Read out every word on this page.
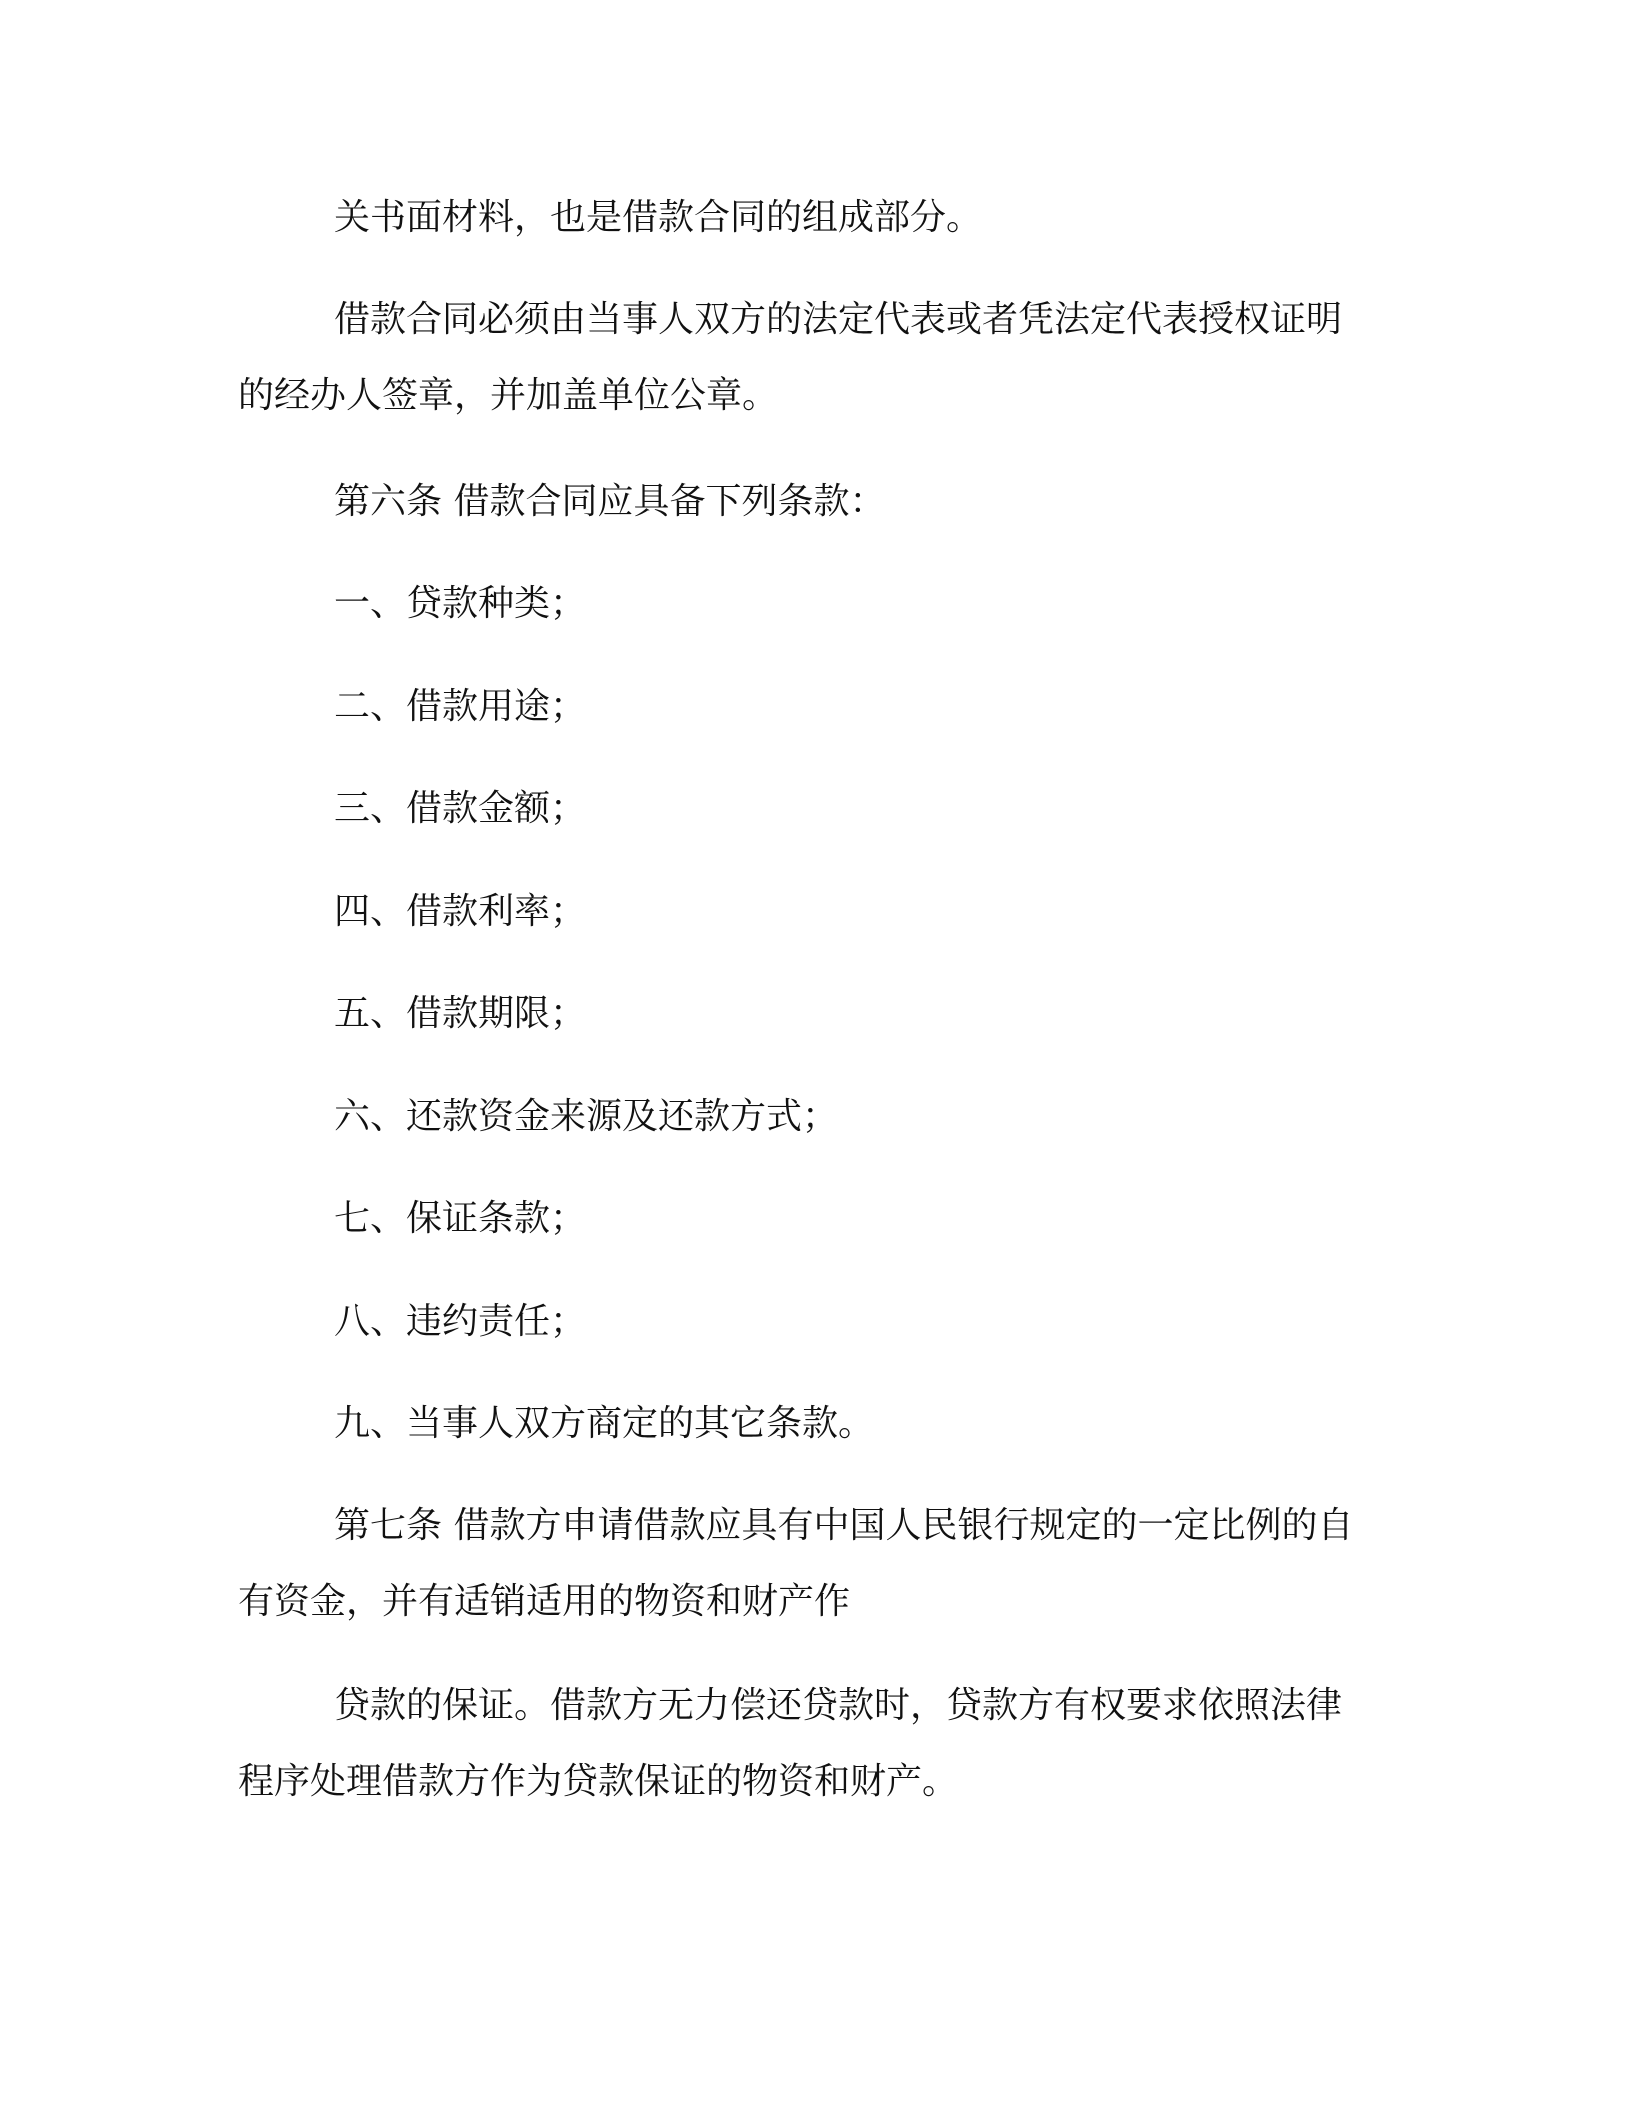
关书面材料，也是借款合同的组成部分。

借款合同必须由当事人双方的法定代表或者凭法定代表授权证明
的经办人签章，并加盖单位公章。

第六条 借款合同应具备下列条款：

一、贷款种类；

二、借款用途；

三、借款金额；

四、借款利率；

五、借款期限；

六、还款资金来源及还款方式；

七、保证条款；

八、违约责任；

九、当事人双方商定的其它条款。

第七条 借款方申请借款应具有中国人民银行规定的一定比例的自
有资金，并有适销适用的物资和财产作

贷款的保证。借款方无力偿还贷款时，贷款方有权要求依照法律
程序处理借款方作为贷款保证的物资和财产。
